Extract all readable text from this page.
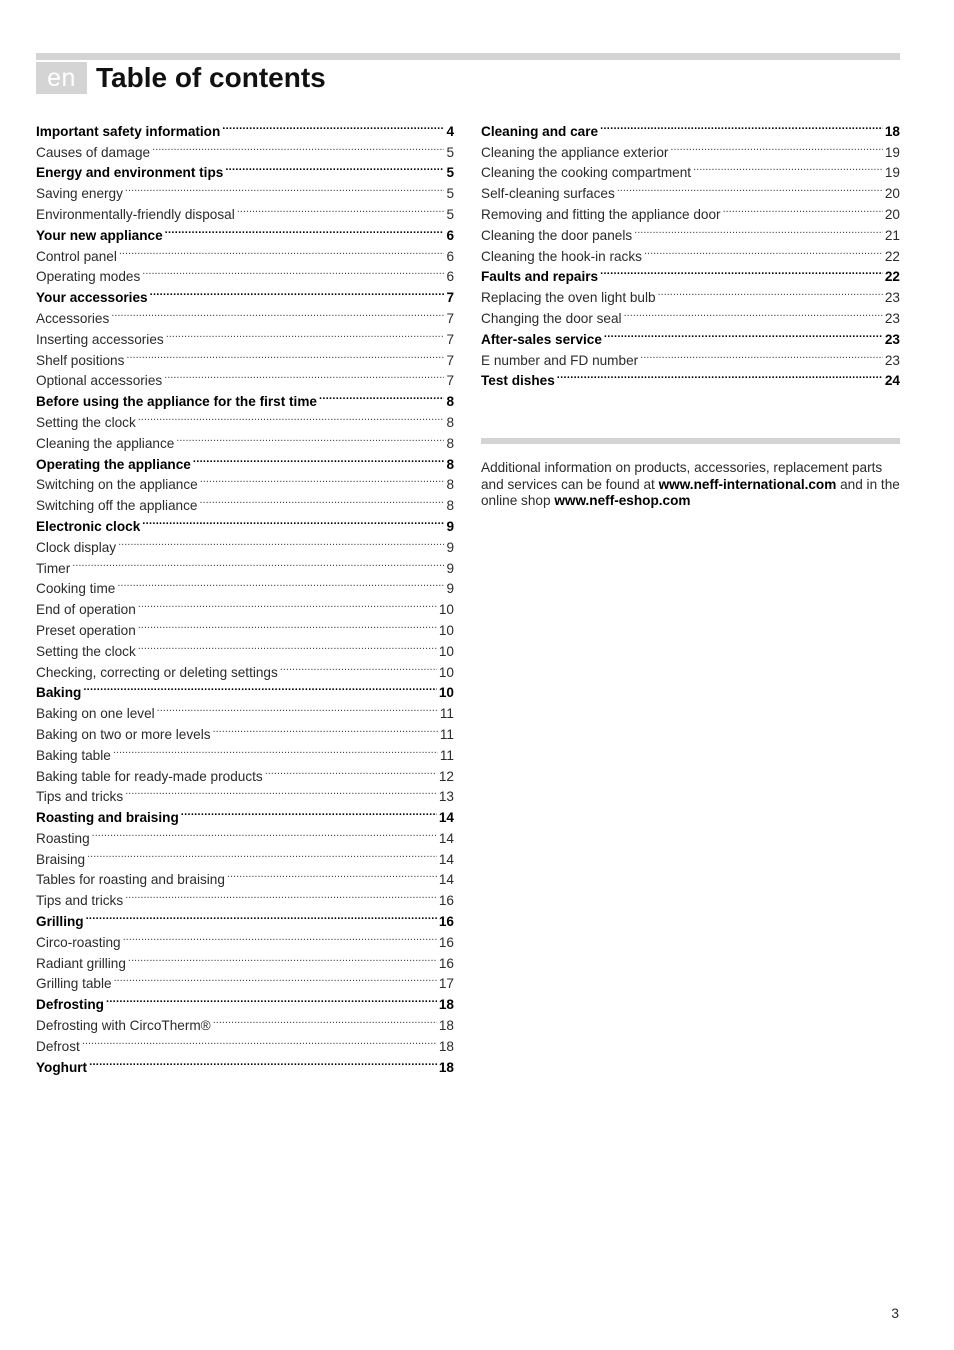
en Table of contents
Important safety information .....	4
Causes of damage .....	5
Energy and environment tips .....	5
Saving energy .....	5
Environmentally-friendly disposal .....	5
Your new appliance .....	6
Control panel .....	6
Operating modes .....	6
Your accessories .....	7
Accessories .....	7
Inserting accessories .....	7
Shelf positions .....	7
Optional accessories .....	7
Before using the appliance for the first time .....	8
Setting the clock .....	8
Cleaning the appliance .....	8
Operating the appliance .....	8
Switching on the appliance .....	8
Switching off the appliance .....	8
Electronic clock .....	9
Clock display .....	9
Timer .....	9
Cooking time .....	9
End of operation .....	10
Preset operation .....	10
Setting the clock .....	10
Checking, correcting or deleting settings .....	10
Baking .....	10
Baking on one level .....	11
Baking on two or more levels .....	11
Baking table .....	11
Baking table for ready-made products .....	12
Tips and tricks .....	13
Roasting and braising .....	14
Roasting .....	14
Braising .....	14
Tables for roasting and braising .....	14
Tips and tricks .....	16
Grilling .....	16
Circo-roasting .....	16
Radiant grilling .....	16
Grilling table .....	17
Defrosting .....	18
Defrosting with CircoTherm® .....	18
Defrost .....	18
Yoghurt .....	18
Cleaning and care .....	18
Cleaning the appliance exterior .....	19
Cleaning the cooking compartment .....	19
Self-cleaning surfaces .....	20
Removing and fitting the appliance door .....	20
Cleaning the door panels .....	21
Cleaning the hook-in racks .....	22
Faults and repairs .....	22
Replacing the oven light bulb .....	23
Changing the door seal .....	23
After-sales service .....	23
E number and FD number .....	23
Test dishes .....	24
Additional information on products, accessories, replacement parts and services can be found at www.neff-international.com and in the online shop www.neff-eshop.com
3
